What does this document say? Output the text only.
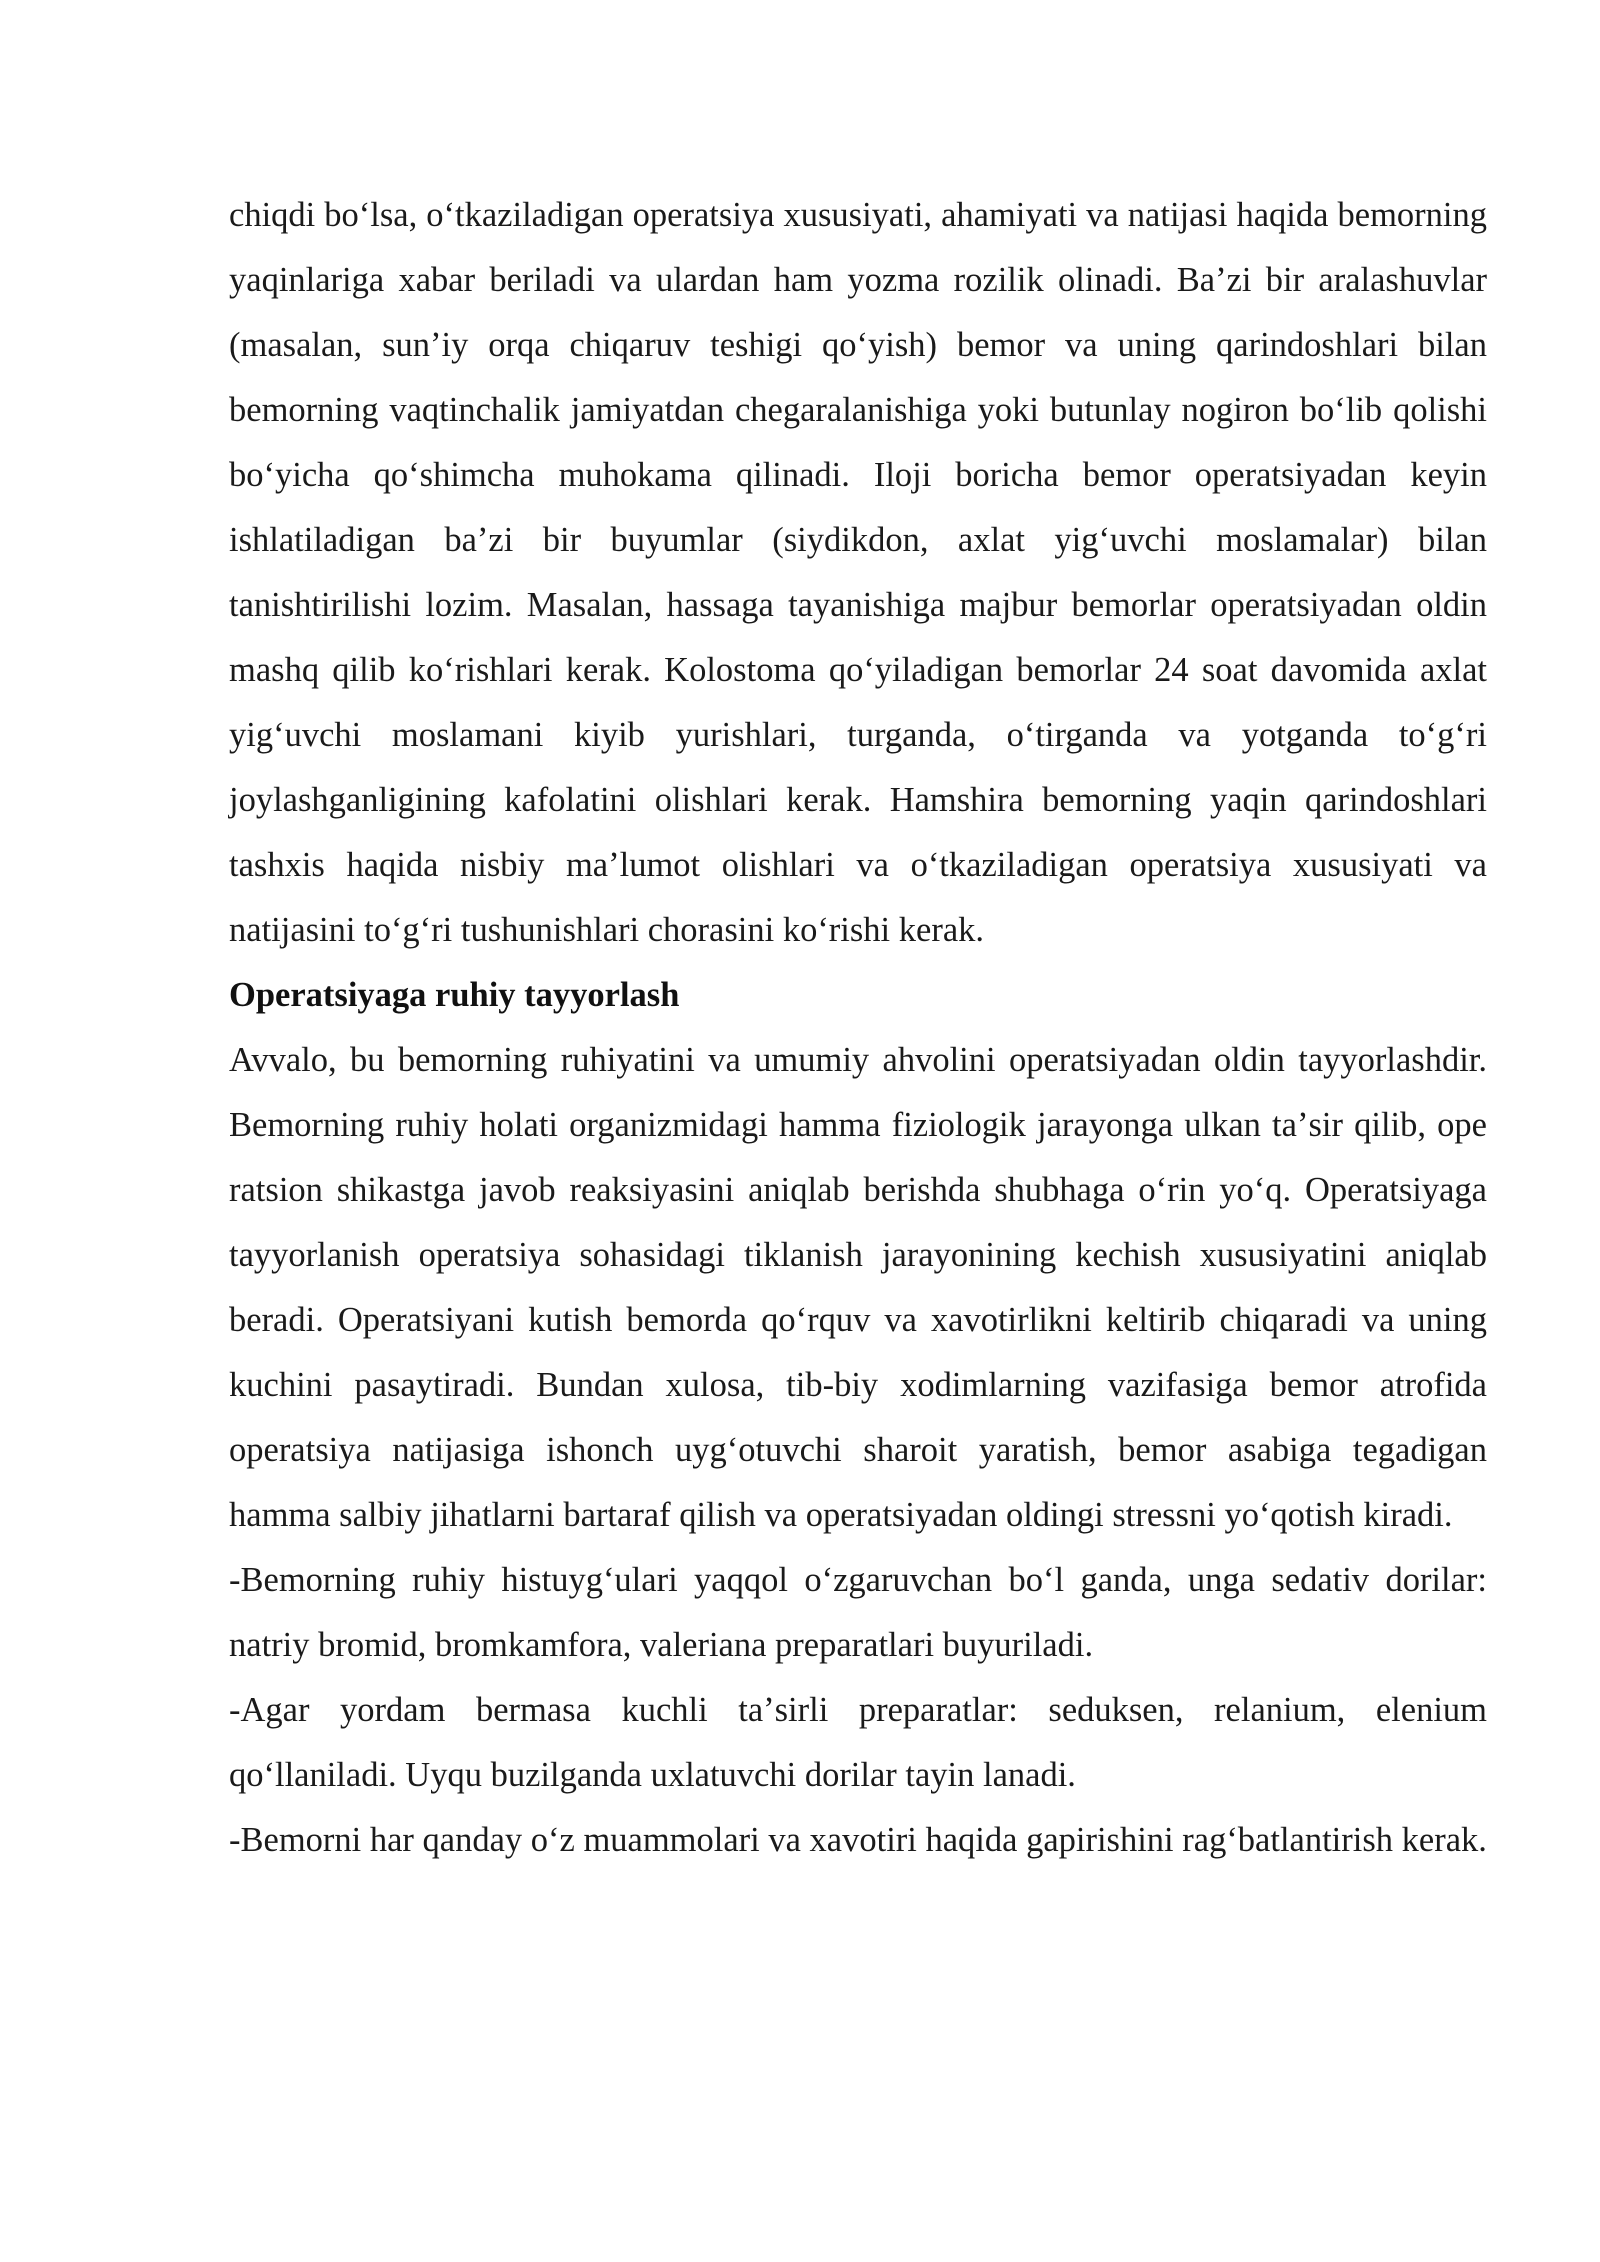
chiqdi boʻlsa, oʻtkaziladigan operatsiya xususiyati, ahamiyati va natijasi haqida bemorning yaqinlariga xabar beriladi va ulardan ham yozma rozilik olinadi. Baʼzi bir aralashuvlar (masalan, sunʼiy orqa chiqaruv teshigi qoʻyish) bemor va uning qarindoshlari bilan bemorning vaqtinchalik jamiyatdan chegaralanishiga yoki butunlay nogiron boʻlib qolishi boʻyicha qoʻshimcha muhokama qilinadi. Iloji boricha bemor operatsiyadan keyin ishlatiladigan baʼzi bir buyumlar (siydikdon, axlat yigʻuvchi moslamalar) bilan tanishtirilishi lozim. Masalan, hassaga tayanishiga majbur bemorlar operatsiyadan oldin mashq qilib koʻrishlari kerak. Kolostoma qoʻyiladigan bemorlar 24 soat davomida axlat yigʻuvchi moslamani kiyib yurishlari, turganda, oʻtirganda va yotganda toʻgʻri joylashganligining kafolatini olishlari kerak. Hamshira bemorning yaqin qarindoshlari tashxis haqida nisbiy maʼlumot olishlari va oʻtkaziladigan operatsiya xususiyati va natijasini toʻgʻri tushunishlari chorasini koʻrishi kerak.

Operatsiyaga ruhiy tayyorlash

Avvalo, bu bemorning ruhiyatini va umumiy ahvolini operatsiyadan oldin tayyorlashdir. Bemorning ruhiy holati organizmidagi hamma fiziologik jarayonga ulkan taʼsir qilib, ope ratsion shikastga javob reaksiyasini aniqlab berishda shubhaga oʻrin yoʻq. Operatsiyaga tayyorlanish operatsiya sohasidagi tiklanish jarayonining kechish xususiyatini aniqlab beradi. Operatsiyani kutish bemorda qoʻrquv va xavotirlikni keltirib chiqaradi va uning kuchini pasaytiradi. Bundan xulosa, tib-biy xodimlarning vazifasiga bemor atrofida operatsiya natijasiga ishonch uygʻotuvchi sharoit yaratish, bemor asabiga tegadigan hamma salbiy jihatlarni bartaraf qilish va operatsiyadan oldingi stressni yoʻqotish kiradi.

-Bemorning ruhiy histuygʻulari yaqqol oʻzgaruvchan boʻl ganda, unga sedativ dorilar: natriy bromid, bromkamfora, valeriana preparatlari buyuriladi.

-Agar yordam bermasa kuchli taʼsirli preparatlar: seduksen, relanium, elenium qoʻllaniladi. Uyqu buzilganda uxlatuvchi dorilar tayin lanadi.

-Bemorni har qanday oʻz muammolari va xavotiri haqida gapirishini ragʻbatlantirish kerak.
